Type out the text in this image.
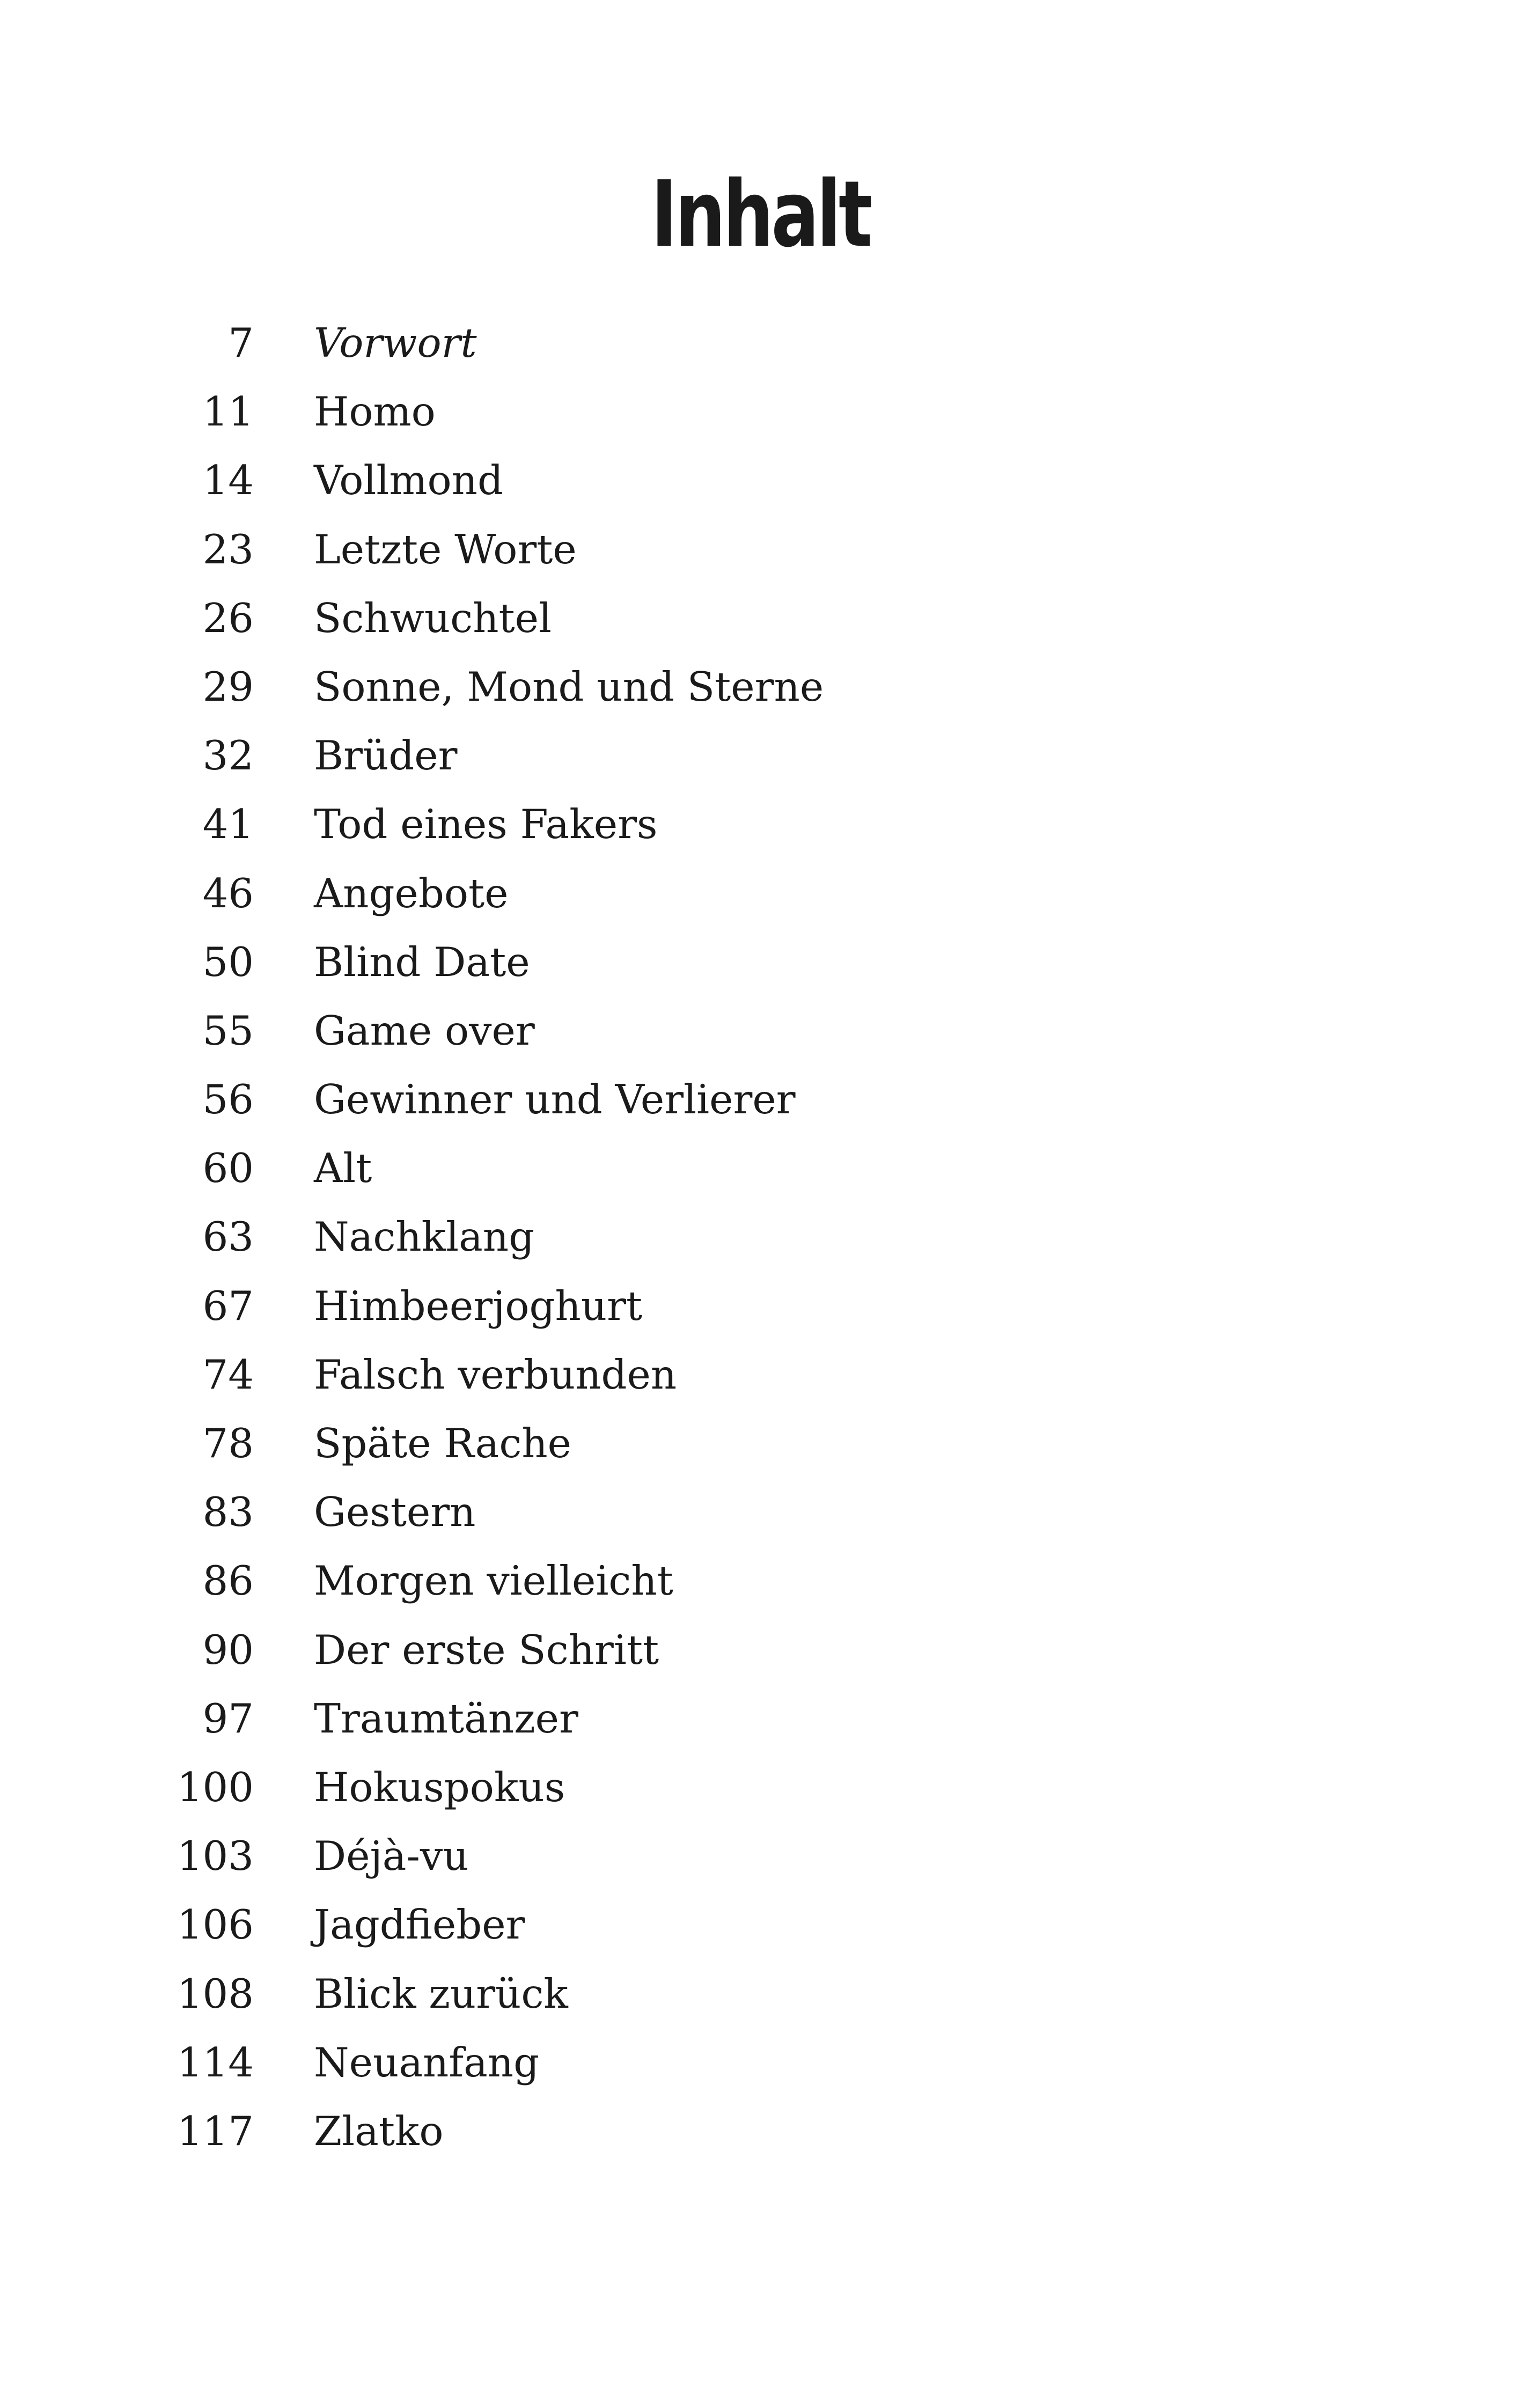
Inhalt
7 Vorwort
11 Homo
14 Vollmond
23 Letzte Worte
26 Schwuchtel
29 Sonne, Mond und Sterne
32 Brüder
41 Tod eines Fakers
46 Angebote
50 Blind Date
55 Game over
56 Gewinner und Verlierer
60 Alt
63 Nachklang
67 Himbeerjoghurt
74 Falsch verbunden
78 Späte Rache
83 Gestern
86 Morgen vielleicht
90 Der erste Schritt
97 Traumtänzer
100 Hokuspokus
103 Déjà-vu
106 Jagdfieber
108 Blick zurück
114 Neuanfang
117 Zlatko
